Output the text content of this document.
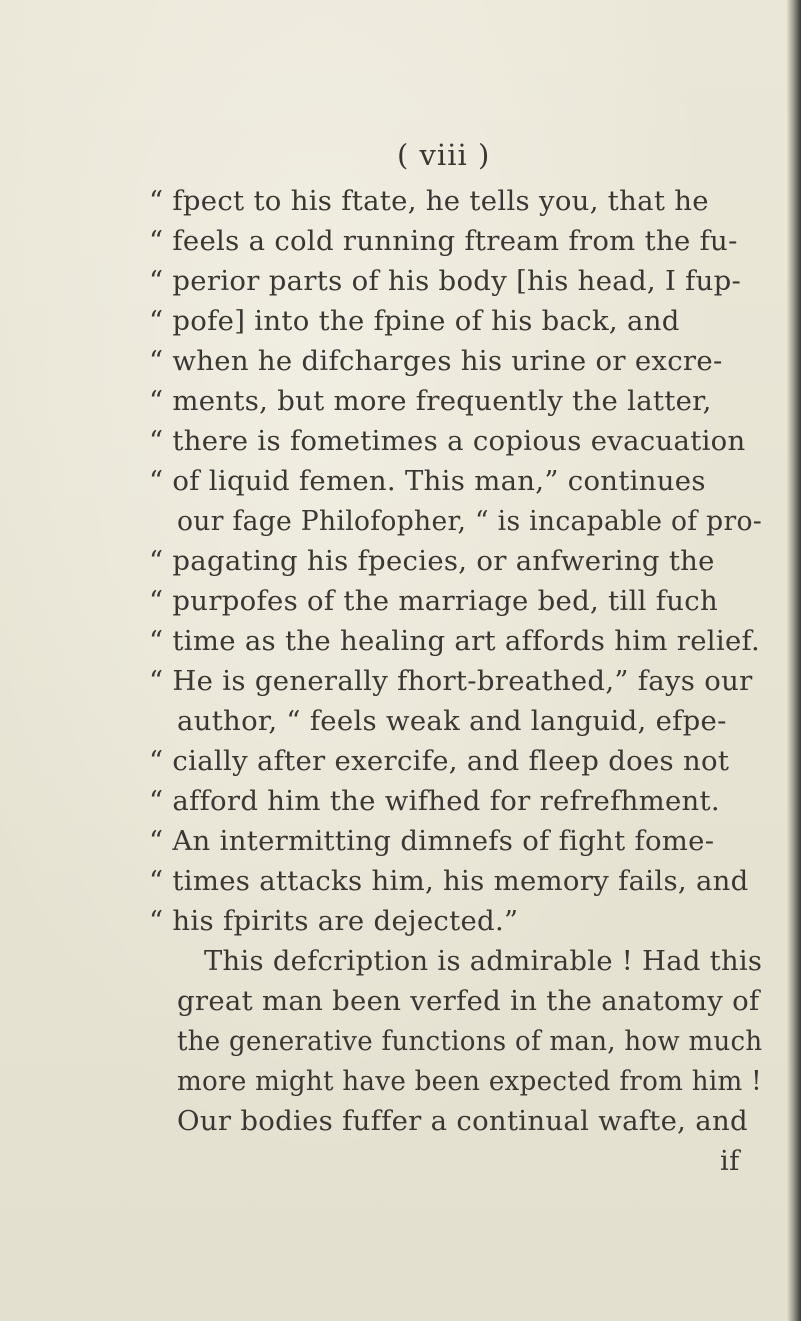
( viii )
“ fpect to his ftate, he tells you, that he
“ feels a cold running ftream from the fu-
“ perior parts of his body [his head, I fup-
“ pofe] into the fpine of his back, and
“ when he difcharges his urine or excre-
“ ments, but more frequently the latter,
“ there is fometimes a copious evacuation
“ of liquid femen. This man,” continues
our fage Philofopher, “ is incapable of pro-
“ pagating his fpecies, or anfwering the
“ purpofes of the marriage bed, till fuch
“ time as the healing art affords him relief.
“ He is generally fhort-breathed,” fays our
author, “ feels weak and languid, efpe-
“ cially after exercife, and fleep does not
“ afford him the wifhed for refrefhment.
“ An intermitting dimnefs of fight fome-
“ times attacks him, his memory fails, and
“ his fpirits are dejected.”
This defcription is admirable ! Had this
great man been verfed in the anatomy of
the generative functions of man, how much
more might have been expected from him !
Our bodies fuffer a continual wafte, and
if
